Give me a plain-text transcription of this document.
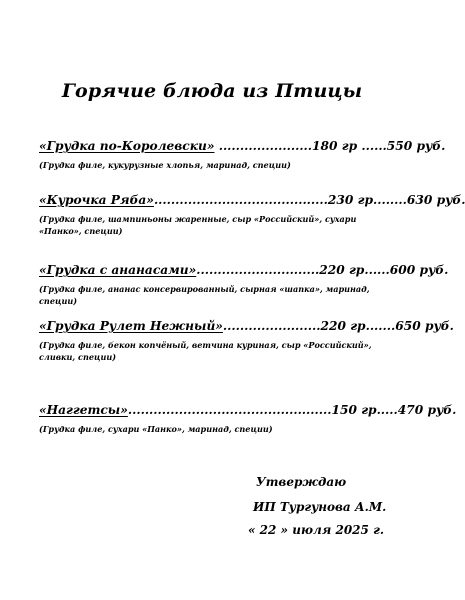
Горячие блюда из Птицы
«Грудка по-Королевски» ......................180 гр ......550 руб.
(Грудка филе, кукурузные хлопья, маринад, специи)
«Курочка Ряба».........................................230 гр........630 руб.
(Грудка филе, шампиньоны жаренные, сыр «Российский», сухари «Панко», специи)
«Грудка с ананасами».............................220 гр......600 руб.
(Грудка филе, ананас консервированный, сырная «шапка», маринад, специи)
«Грудка Рулет Нежный».......................220 гр.......650 руб.
(Грудка филе, бекон копчёный, ветчина куриная, сыр «Российский», сливки, специи)
«Наггетсы»................................................150 гр.....470 руб.
(Грудка филе, сухари «Панко», маринад, специи)
Утверждаю
ИП Тургунова А.М.
« 22 » июля 2025 г.
